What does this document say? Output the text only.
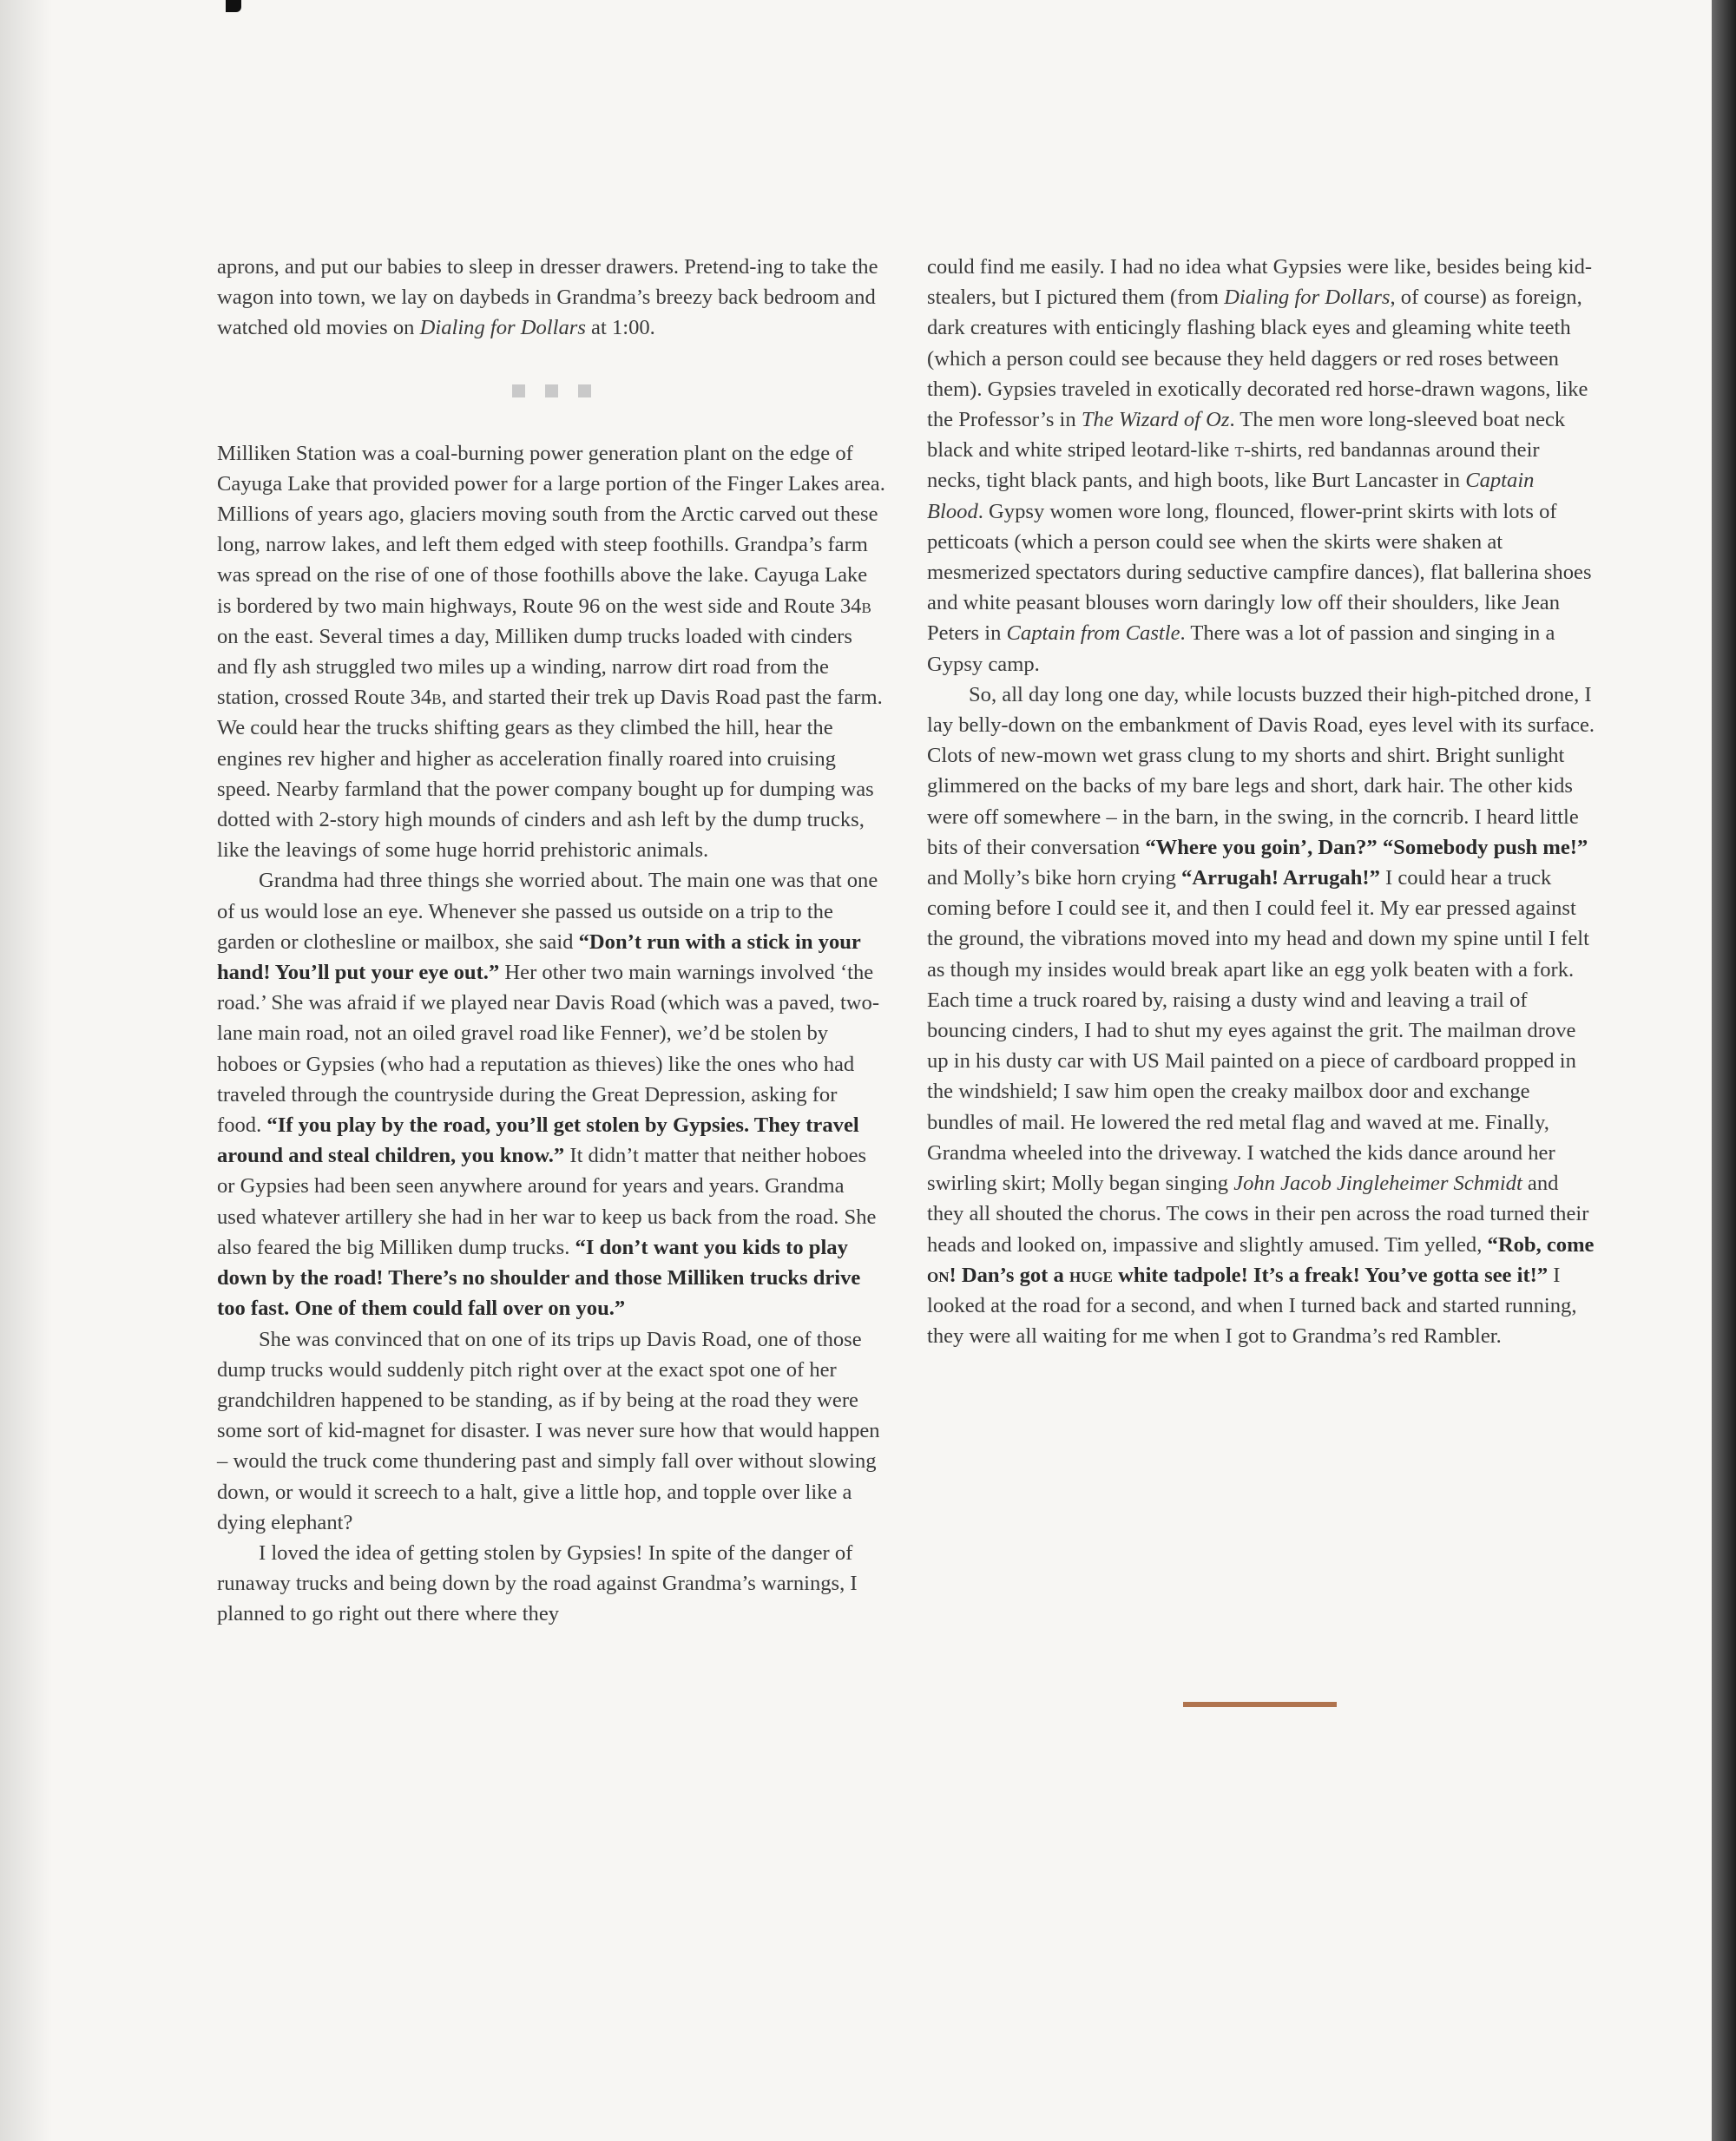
aprons, and put our babies to sleep in dresser drawers. Pretend-ing to take the wagon into town, we lay on daybeds in Grandma’s breezy back bedroom and watched old movies on Dialing for Dollars at 1:00.

Milliken Station was a coal-burning power generation plant on the edge of Cayuga Lake that provided power for a large portion of the Finger Lakes area. Millions of years ago, glaciers moving south from the Arctic carved out these long, narrow lakes, and left them edged with steep foothills. Grandpa’s farm was spread on the rise of one of those foothills above the lake. Cayuga Lake is bordered by two main highways, Route 96 on the west side and Route 34b on the east. Several times a day, Milliken dump trucks loaded with cinders and fly ash struggled two miles up a winding, narrow dirt road from the station, crossed Route 34b, and started their trek up Davis Road past the farm. We could hear the trucks shifting gears as they climbed the hill, hear the engines rev higher and higher as acceleration finally roared into cruising speed. Nearby farmland that the power company bought up for dumping was dotted with 2-story high mounds of cinders and ash left by the dump trucks, like the leavings of some huge horrid prehistoric animals.

Grandma had three things she worried about. The main one was that one of us would lose an eye. Whenever she passed us outside on a trip to the garden or clothesline or mailbox, she said “Don’t run with a stick in your hand! You’ll put your eye out.” Her other two main warnings involved ‘the road.’ She was afraid if we played near Davis Road (which was a paved, two-lane main road, not an oiled gravel road like Fenner), we’d be stolen by hoboes or Gypsies (who had a reputation as thieves) like the ones who had traveled through the countryside during the Great Depression, asking for food. “If you play by the road, you’ll get stolen by Gypsies. They travel around and steal children, you know.” It didn’t matter that neither hoboes or Gypsies had been seen anywhere around for years and years. Grandma used whatever artillery she had in her war to keep us back from the road. She also feared the big Milliken dump trucks. “I don’t want you kids to play down by the road! There’s no shoulder and those Milliken trucks drive too fast. One of them could fall over on you.”

She was convinced that on one of its trips up Davis Road, one of those dump trucks would suddenly pitch right over at the exact spot one of her grandchildren happened to be standing, as if by being at the road they were some sort of kid-magnet for disaster. I was never sure how that would happen – would the truck come thundering past and simply fall over without slowing down, or would it screech to a halt, give a little hop, and topple over like a dying elephant?

I loved the idea of getting stolen by Gypsies! In spite of the danger of runaway trucks and being down by the road against Grandma’s warnings, I planned to go right out there where they

could find me easily. I had no idea what Gypsies were like, besides being kid-stealers, but I pictured them (from Dialing for Dollars, of course) as foreign, dark creatures with enticingly flashing black eyes and gleaming white teeth (which a person could see because they held daggers or red roses between them). Gypsies traveled in exotically decorated red horse-drawn wagons, like the Professor’s in The Wizard of Oz. The men wore long-sleeved boat neck black and white striped leotard-like t-shirts, red bandannas around their necks, tight black pants, and high boots, like Burt Lancaster in Captain Blood. Gypsy women wore long, flounced, flower-print skirts with lots of petticoats (which a person could see when the skirts were shaken at mesmerized spectators during seductive campfire dances), flat ballerina shoes and white peasant blouses worn daringly low off their shoulders, like Jean Peters in Captain from Castle. There was a lot of passion and singing in a Gypsy camp.

So, all day long one day, while locusts buzzed their high-pitched drone, I lay belly-down on the embankment of Davis Road, eyes level with its surface. Clots of new-mown wet grass clung to my shorts and shirt. Bright sunlight glimmered on the backs of my bare legs and short, dark hair. The other kids were off somewhere – in the barn, in the swing, in the corncrib. I heard little bits of their conversation “Where you goin’, Dan?” “Somebody push me!” and Molly’s bike horn crying “Arrugah! Arrugah!” I could hear a truck coming before I could see it, and then I could feel it. My ear pressed against the ground, the vibrations moved into my head and down my spine until I felt as though my insides would break apart like an egg yolk beaten with a fork. Each time a truck roared by, raising a dusty wind and leaving a trail of bouncing cinders, I had to shut my eyes against the grit. The mailman drove up in his dusty car with US Mail painted on a piece of cardboard propped in the windshield; I saw him open the creaky mailbox door and exchange bundles of mail. He lowered the red metal flag and waved at me. Finally, Grandma wheeled into the driveway. I watched the kids dance around her swirling skirt; Molly began singing John Jacob Jingleheimer Schmidt and they all shouted the chorus. The cows in their pen across the road turned their heads and looked on, impassive and slightly amused. Tim yelled, “Rob, come on! Dan’s got a huge white tadpole! It’s a freak! You’ve gotta see it!” I looked at the road for a second, and when I turned back and started running, they were all waiting for me when I got to Grandma’s red Rambler.
